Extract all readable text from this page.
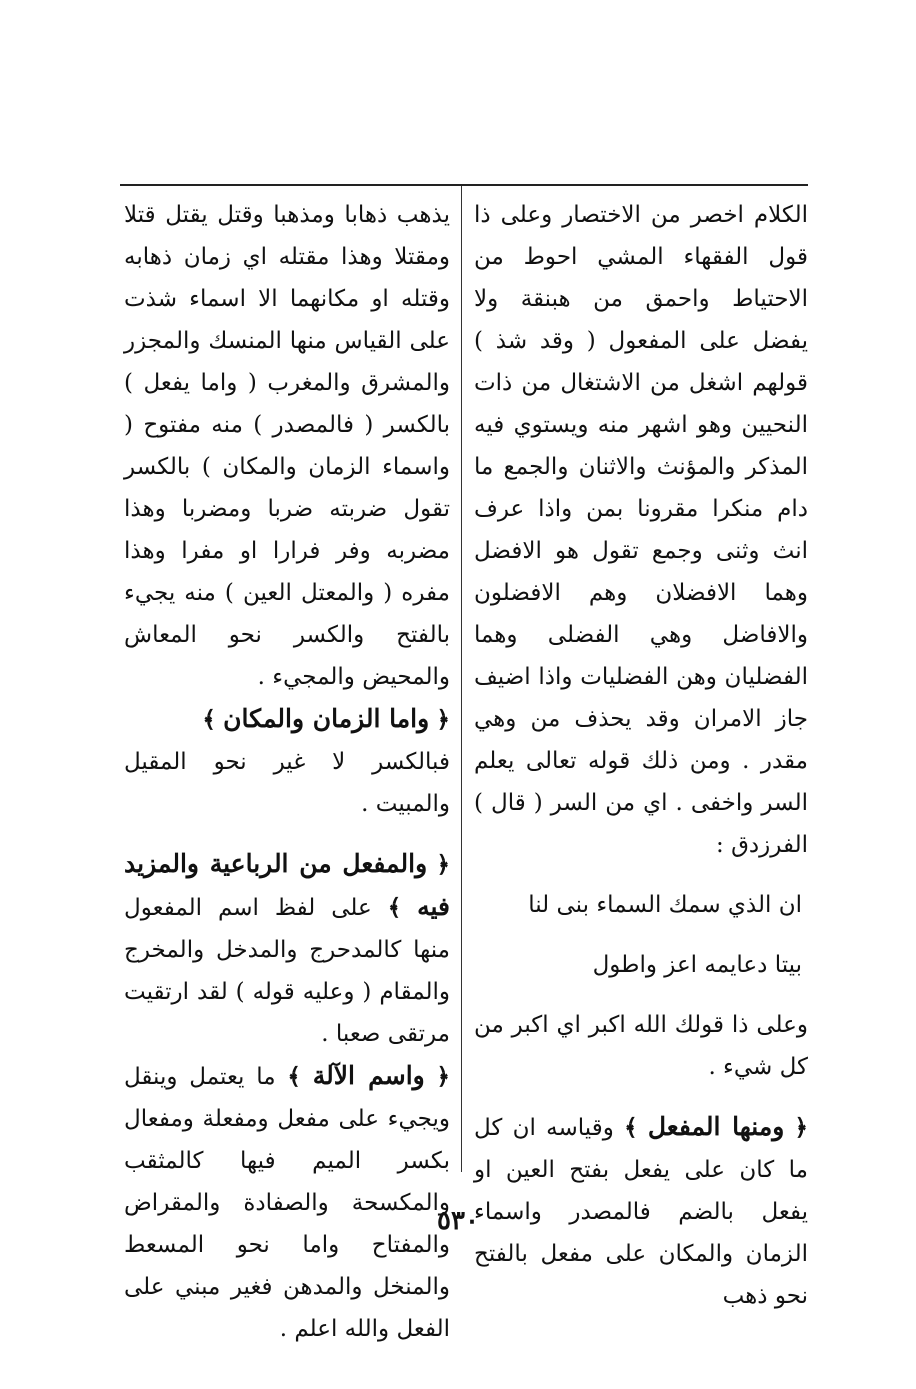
الكلام اخصر من الاختصار وعلى ذا قول الفقهاء المشي احوط من الاحتياط واحمق من هبنقة ولا يفضل على المفعول ( وقد شذ ) قولهم اشغل من الاشتغال من ذات النحيين وهو اشهر منه ويستوي فيه المذكر والمؤنث والاثنان والجمع ما دام منكرا مقرونا بمن واذا عرف انث وثنى وجمع تقول هو الافضل وهما الافضلان وهم الافضلون والافاضل وهي الفضلى وهما الفضليان وهن الفضليات واذا اضيف جاز الامران وقد يحذف من وهي مقدر . ومن ذلك قوله تعالى يعلم السر واخفى . اي من السر ( قال ) الفرزدق :

ان الذي سمك السماء بنى لنا

بيتا دعايمه اعز واطول

وعلى ذا قولك الله اكبر اي اكبر من كل شيء .

﴿ ومنها المفعل ﴾ وقياسه ان كل ما كان على يفعل بفتح العين او يفعل بالضم فالمصدر واسماء الزمان والمكان على مفعل بالفتح نحو ذهب

يذهب ذهابا ومذهبا وقتل يقتل قتلا ومقتلا وهذا مقتله اي زمان ذهابه وقتله او مكانهما الا اسماء شذت على القياس منها المنسك والمجزر والمشرق والمغرب ( واما يفعل ) بالكسر ( فالمصدر ) منه مفتوح ( واسماء الزمان والمكان ) بالكسر تقول ضربته ضربا ومضربا وهذا مضربه وفر فرارا او مفرا وهذا مفره ( والمعتل العين ) منه يجيء بالفتح والكسر نحو المعاش والمحيض والمجيء .

﴿ واما الزمان والمكان ﴾

فبالكسر لا غير نحو المقيل والمبيت .

﴿ والمفعل من الرباعية والمزيد فيه ﴾ على لفظ اسم المفعول منها كالمدحرج والمدخل والمخرج والمقام ( وعليه قوله ) لقد ارتقيت مرتقى صعبا .

﴿ واسم الآلة ﴾ ما يعتمل وينقل ويجيء على مفعل ومفعلة ومفعال بكسر الميم فيها كالمثقب والمكسحة والصفادة والمقراض والمفتاح واما نحو المسعط والمنخل والمدهن فغير مبني على الفعل والله اعلم .

٥٣٠
